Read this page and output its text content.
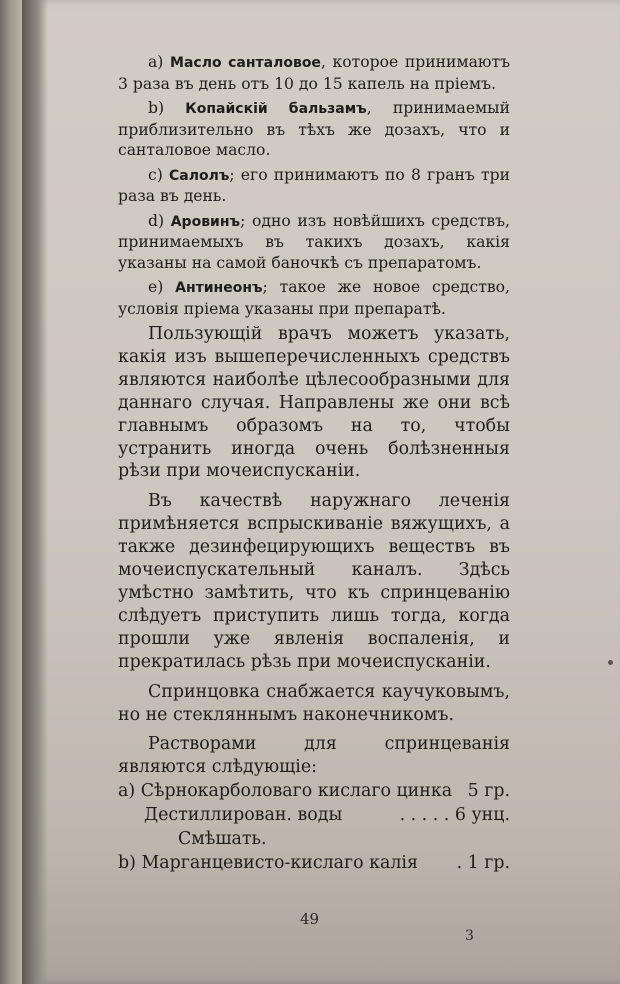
а) Масло санталовое, которое принимаютъ 3 раза въ день отъ 10 до 15 капель на пріемъ.

b) Копайскій бальзамъ, принимаемый приблизительно въ тѣхъ же дозахъ, что и санталовое масло.

c) Салолъ; его принимаютъ по 8 гранъ три раза въ день.

d) Аровинъ; одно изъ новѣйшихъ средствъ, принимаемыхъ въ такихъ дозахъ, какія указаны на самой баночкѣ съ препаратомъ.

e) Антинеонъ; такое же новое средство, условія пріема указаны при препаратѣ.

Пользующій врачъ можетъ указать, какія изъ вышеперечисленныхъ средствъ являются наиболѣе цѣлесообразными для даннаго случая. Направлены же они всѣ главнымъ образомъ на то, чтобы устранить иногда очень болѣзненныя рѣзи при мочеиспусканіи.

Въ качествѣ наружнаго леченія примѣняется вспрыскиваніе вяжущихъ, а также дезинфецирующихъ веществъ въ мочеиспускательный каналъ. Здѣсь умѣстно замѣтить, что къ спринцеванію слѣдуетъ приступить лишь тогда, когда прошли уже явленія воспаленія, и прекратилась рѣзь при мочеиспусканіи.

Спринцовка снабжается каучуковымъ, но не стекляннымъ наконечникомъ.

Растворами для спринцеванія являются слѣдующіе:

а) Сѣрнокарболоваго кислаго цинка 5 гр.
Дестиллирован. воды	. . . . . 6 унц.
Смѣшать.
b) Марганцевисто-кислаго калія . 1 гр.
49
3
